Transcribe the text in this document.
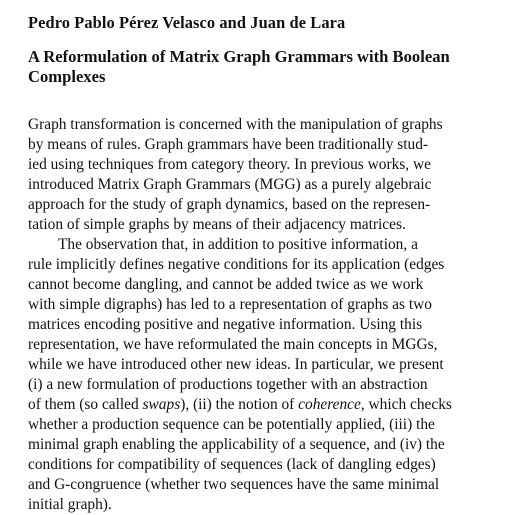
Pedro Pablo Pérez Velasco and Juan de Lara
A Reformulation of Matrix Graph Grammars with Boolean
Complexes
Graph transformation is concerned with the manipulation of graphs
by means of rules. Graph grammars have been traditionally stud-
ied using techniques from category theory. In previous works, we
introduced Matrix Graph Grammars (MGG) as a purely algebraic
approach for the study of graph dynamics, based on the represen-
tation of simple graphs by means of their adjacency matrices.
The observation that, in addition to positive information, a
rule implicitly defines negative conditions for its application (edges
cannot become dangling, and cannot be added twice as we work
with simple digraphs) has led to a representation of graphs as two
matrices encoding positive and negative information. Using this
representation, we have reformulated the main concepts in MGGs,
while we have introduced other new ideas. In particular, we present
(i) a new formulation of productions together with an abstraction
of them (so called swaps), (ii) the notion of coherence, which checks
whether a production sequence can be potentially applied, (iii) the
minimal graph enabling the applicability of a sequence, and (iv) the
conditions for compatibility of sequences (lack of dangling edges)
and G-congruence (whether two sequences have the same minimal
initial graph).
